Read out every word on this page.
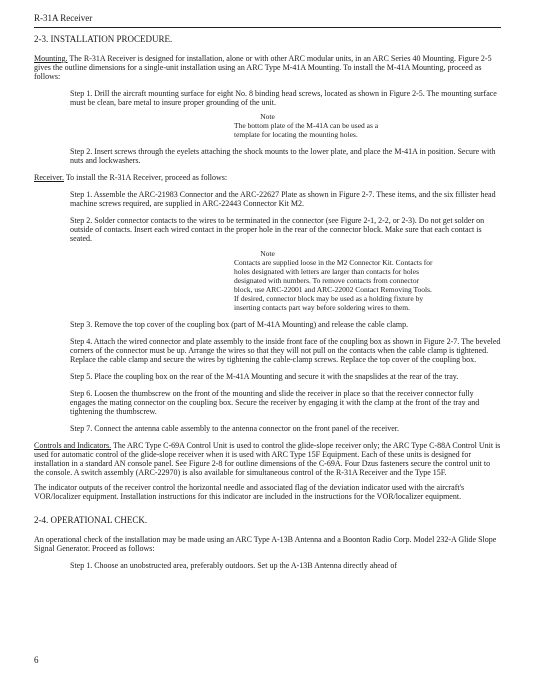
R-31A Receiver
2-3. INSTALLATION PROCEDURE.

Mounting. The R-31A Receiver is designed for installation, alone or with other ARC modular units, in an ARC Series 40 Mounting. Figure 2-5 gives the outline dimensions for a single-unit installation using an ARC Type M-41A Mounting. To install the M-41A Mounting, proceed as follows:

Step 1. Drill the aircraft mounting surface for eight No. 8 binding head screws, located as shown in Figure 2-5. The mounting surface must be clean, bare metal to insure proper grounding of the unit.

Note

The bottom plate of the M-41A can be used as a template for locating the mounting holes.

Step 2. Insert screws through the eyelets attaching the shock mounts to the lower plate, and place the M-41A in position. Secure with nuts and lockwashers.

Receiver. To install the R-31A Receiver, proceed as follows:

Step 1. Assemble the ARC-21983 Connector and the ARC-22627 Plate as shown in Figure 2-7. These items, and the six fillister head machine screws required, are supplied in ARC-22443 Connector Kit M2.

Step 2. Solder connector contacts to the wires to be terminated in the connector (see Figure 2-1, 2-2, or 2-3). Do not get solder on outside of contacts. Insert each wired contact in the proper hole in the rear of the connector block. Make sure that each contact is seated.

Note

Contacts are supplied loose in the M2 Connector Kit. Contacts for holes designated with letters are larger than contacts for holes designated with numbers. To remove contacts from connector block, use ARC-22001 and ARC-22002 Contact Removing Tools. If desired, connector block may be used as a holding fixture by inserting contacts part way before soldering wires to them.

Step 3. Remove the top cover of the coupling box (part of M-41A Mounting) and release the cable clamp.

Step 4. Attach the wired connector and plate assembly to the inside front face of the coupling box as shown in Figure 2-7. The beveled corners of the connector must be up. Arrange the wires so that they will not pull on the contacts when the cable clamp is tightened. Replace the cable clamp and secure the wires by tightening the cable-clamp screws. Replace the top cover of the coupling box.

Step 5. Place the coupling box on the rear of the M-41A Mounting and secure it with the snapslides at the rear of the tray.

Step 6. Loosen the thumbscrew on the front of the mounting and slide the receiver in place so that the receiver connector fully engages the mating connector on the coupling box. Secure the receiver by engaging it with the clamp at the front of the tray and tightening the thumbscrew.

Step 7. Connect the antenna cable assembly to the antenna connector on the front panel of the receiver.

Controls and Indicators. The ARC Type C-69A Control Unit is used to control the glide-slope receiver only; the ARC Type C-88A Control Unit is used for automatic control of the glide-slope receiver when it is used with ARC Type 15F Equipment. Each of these units is designed for installation in a standard AN console panel. See Figure 2-8 for outline dimensions of the C-69A. Four Dzus fasteners secure the control unit to the console. A switch assembly (ARC-22970) is also available for simultaneous control of the R-31A Receiver and the Type 15F.

The indicator outputs of the receiver control the horizontal needle and associated flag of the deviation indicator used with the aircraft's VOR/localizer equipment. Installation instructions for this indicator are included in the instructions for the VOR/localizer equipment.

2-4. OPERATIONAL CHECK.

An operational check of the installation may be made using an ARC Type A-13B Antenna and a Boonton Radio Corp. Model 232-A Glide Slope Signal Generator. Proceed as follows:

Step 1. Choose an unobstructed area, preferably outdoors. Set up the A-13B Antenna directly ahead of

6
